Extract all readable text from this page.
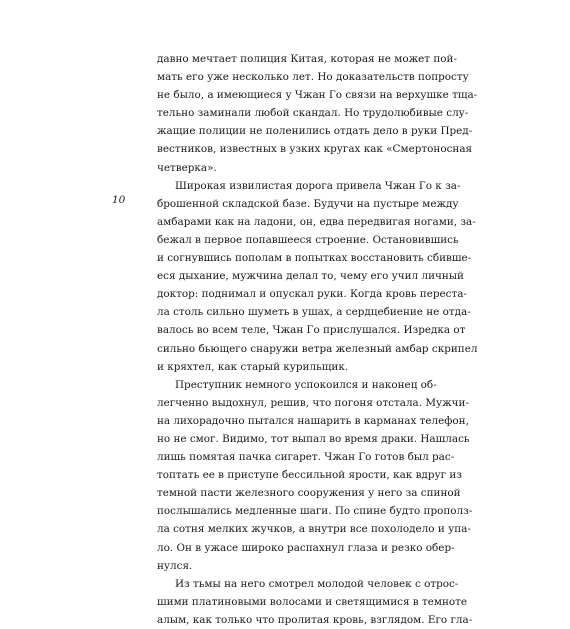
10
давно мечтает полиция Китая, которая не может пой-
мать его уже несколько лет. Но доказательств попросту
не было, а имеющиеся у Чжан Го связи на верхушке тща-
тельно заминали любой скандал. Но трудолюбивые слу-
жащие полиции не поленились отдать дело в руки Пред-
вестников, известных в узких кругах как «Смертоносная
четверка».
Широкая извилистая дорога привела Чжан Го к за-
брошенной складской базе. Будучи на пустыре между
амбарами как на ладони, он, едва передвигая ногами, за-
бежал в первое попавшееся строение. Остановившись
и согнувшись пополам в попытках восстановить сбивше-
еся дыхание, мужчина делал то, чему его учил личный
доктор: поднимал и опускал руки. Когда кровь переста-
ла столь сильно шуметь в ушах, а сердцебиение не отда-
валось во всем теле, Чжан Го прислушался. Изредка от
сильно бьющего снаружи ветра железный амбар скрипел
и кряхтел, как старый курильщик.
Преступник немного успокоился и наконец об-
легченно выдохнул, решив, что погоня отстала. Мужчи-
на лихорадочно пытался нашарить в карманах телефон,
но не смог. Видимо, тот выпал во время драки. Нашлась
лишь помятая пачка сигарет. Чжан Го готов был рас-
топтать ее в приступе бессильной ярости, как вдруг из
темной пасти железного сооружения у него за спиной
послышались медленные шаги. По спине будто прополз-
ла сотня мелких жучков, а внутри все похолодело и упа-
ло. Он в ужасе широко распахнул глаза и резко обер-
нулся.
Из тьмы на него смотрел молодой человек с отрос-
шими платиновыми волосами и светящимися в темноте
алым, как только что пролитая кровь, взглядом. Его гла-
